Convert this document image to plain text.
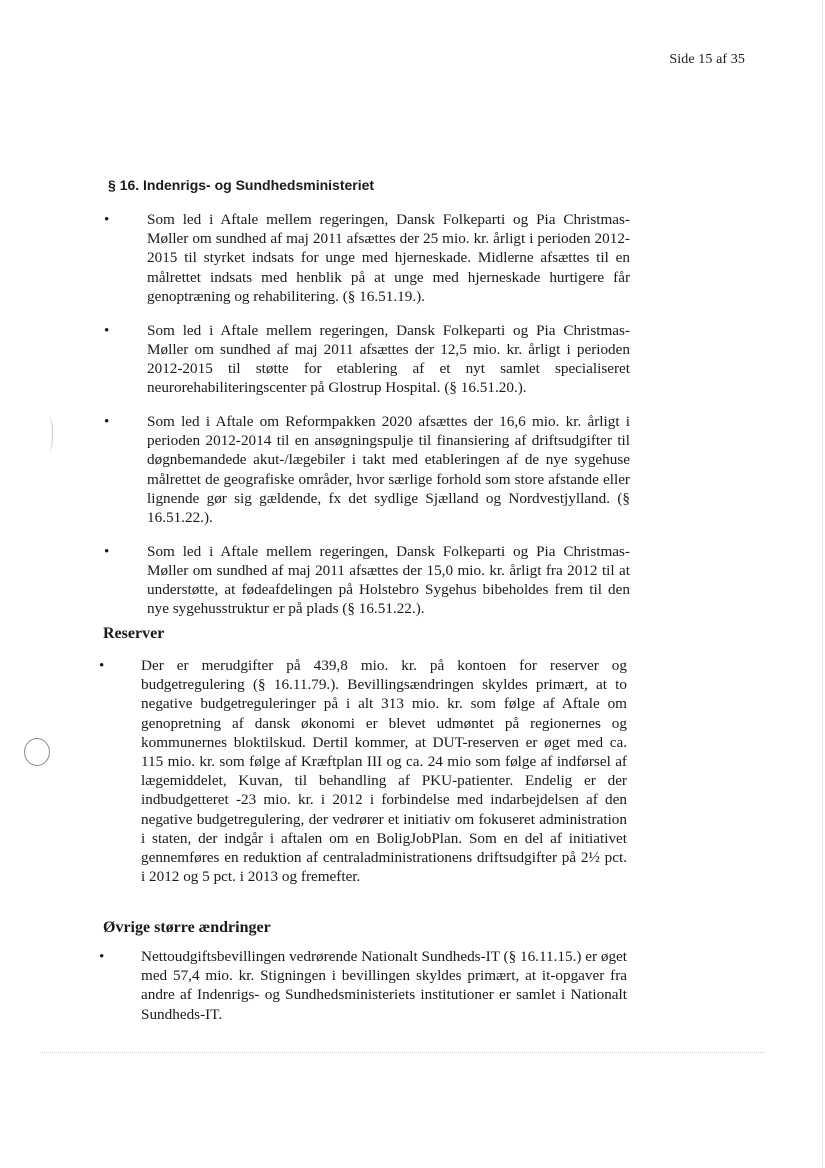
Side 15 af 35
§ 16. Indenrigs- og Sundhedsministeriet
• Som led i Aftale mellem regeringen, Dansk Folkeparti og Pia Christmas-Møller om sundhed af maj 2011 afsættes der 25 mio. kr. årligt i perioden 2012-2015 til styrket indsats for unge med hjerneskade. Midlerne afsættes til en målrettet indsats med henblik på at unge med hjerneskade hurtigere får genoptræning og rehabilitering. (§ 16.51.19.).
• Som led i Aftale mellem regeringen, Dansk Folkeparti og Pia Christmas-Møller om sundhed af maj 2011 afsættes der 12,5 mio. kr. årligt i perioden 2012-2015 til støtte for etablering af et nyt samlet specialiseret neurorehabiliteringscenter på Glostrup Hospital. (§ 16.51.20.).
• Som led i Aftale om Reformpakken 2020 afsættes der 16,6 mio. kr. årligt i perioden 2012-2014 til en ansøgningspulje til finansiering af driftsudgifter til døgnbemandede akut-/lægebiler i takt med etableringen af de nye sygehuse målrettet de geografiske områder, hvor særlige forhold som store afstande eller lignende gør sig gældende, fx det sydlige Sjælland og Nordvestjylland. (§ 16.51.22.).
• Som led i Aftale mellem regeringen, Dansk Folkeparti og Pia Christmas-Møller om sundhed af maj 2011 afsættes der 15,0 mio. kr. årligt fra 2012 til at understøtte, at fødeafdelingen på Holstebro Sygehus bibeholdes frem til den nye sygehusstruktur er på plads (§ 16.51.22.).
Reserver
• Der er merudgifter på 439,8 mio. kr. på kontoen for reserver og budgetregulering (§ 16.11.79.). Bevillingsændringen skyldes primært, at to negative budgetreguleringer på i alt 313 mio. kr. som følge af Aftale om genopretning af dansk økonomi er blevet udmøntet på regionernes og kommunernes bloktilskud. Dertil kommer, at DUT-reserven er øget med ca. 115 mio. kr. som følge af Kræftplan III og ca. 24 mio som følge af indførsel af lægemiddelet, Kuvan, til behandling af PKU-patienter. Endelig er der indbudgetteret -23 mio. kr. i 2012 i forbindelse med indarbejdelsen af den negative budgetregulering, der vedrører et initiativ om fokuseret administration i staten, der indgår i aftalen om en BoligJobPlan. Som en del af initiativet gennemføres en reduktion af centraladministrationens driftsudgifter på 2½ pct. i 2012 og 5 pct. i 2013 og fremefter.
Øvrige større ændringer
• Nettoudgiftsbevillingen vedrørende Nationalt Sundheds-IT (§ 16.11.15.) er øget med 57,4 mio. kr. Stigningen i bevillingen skyldes primært, at it-opgaver fra andre af Indenrigs- og Sundhedsministeriets institutioner er samlet i Nationalt Sundheds-IT.
